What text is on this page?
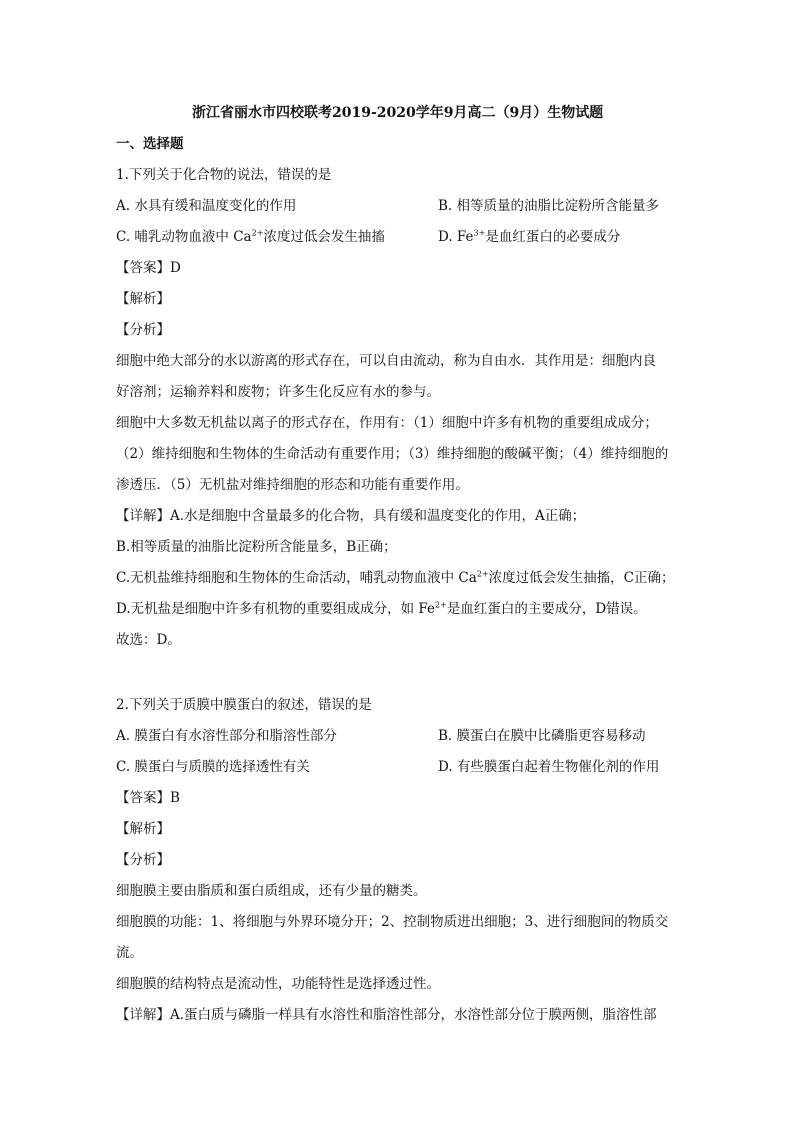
浙江省丽水市四校联考2019-2020学年9月高二（9月）生物试题
一、选择题
1.下列关于化合物的说法，错误的是
A. 水具有缓和温度变化的作用	B. 相等质量的油脂比淀粉所含能量多
C. 哺乳动物血液中 $Ca^{2+}$浓度过低会发生抽搐	D. $Fe^{3+}$是血红蛋白的必要成分
【答案】D
【解析】
【分析】
细胞中绝大部分的水以游离的形式存在，可以自由流动，称为自由水．其作用是：细胞内良
好溶剂；运输养料和废物；许多生化反应有水的参与。
细胞中大多数无机盐以离子的形式存在，作用有：（1）细胞中许多有机物的重要组成成分；
（2）维持细胞和生物体的生命活动有重要作用；（3）维持细胞的酸碱平衡；（4）维持细胞的
渗透压．（5）无机盐对维持细胞的形态和功能有重要作用。
【详解】A.水是细胞中含量最多的化合物，具有缓和温度变化的作用，A正确；
B.相等质量的油脂比淀粉所含能量多，B正确；
C.无机盐维持细胞和生物体的生命活动，哺乳动物血液中 $Ca^{2+}$浓度过低会发生抽搐，C正确；
D.无机盐是细胞中许多有机物的重要组成成分，如 $Fe^{2+}$是血红蛋白的主要成分，D错误。
故选：D。
2.下列关于质膜中膜蛋白的叙述，错误的是
A. 膜蛋白有水溶性部分和脂溶性部分	B. 膜蛋白在膜中比磷脂更容易移动
C. 膜蛋白与质膜的选择透性有关	D. 有些膜蛋白起着生物催化剂的作用
【答案】B
【解析】
【分析】
细胞膜主要由脂质和蛋白质组成，还有少量的糖类。
细胞膜的功能：1、将细胞与外界环境分开；2、控制物质进出细胞；3、进行细胞间的物质交
流。
细胞膜的结构特点是流动性，功能特性是选择透过性。
【详解】A.蛋白质与磷脂一样具有水溶性和脂溶性部分，水溶性部分位于膜两侧，脂溶性部
